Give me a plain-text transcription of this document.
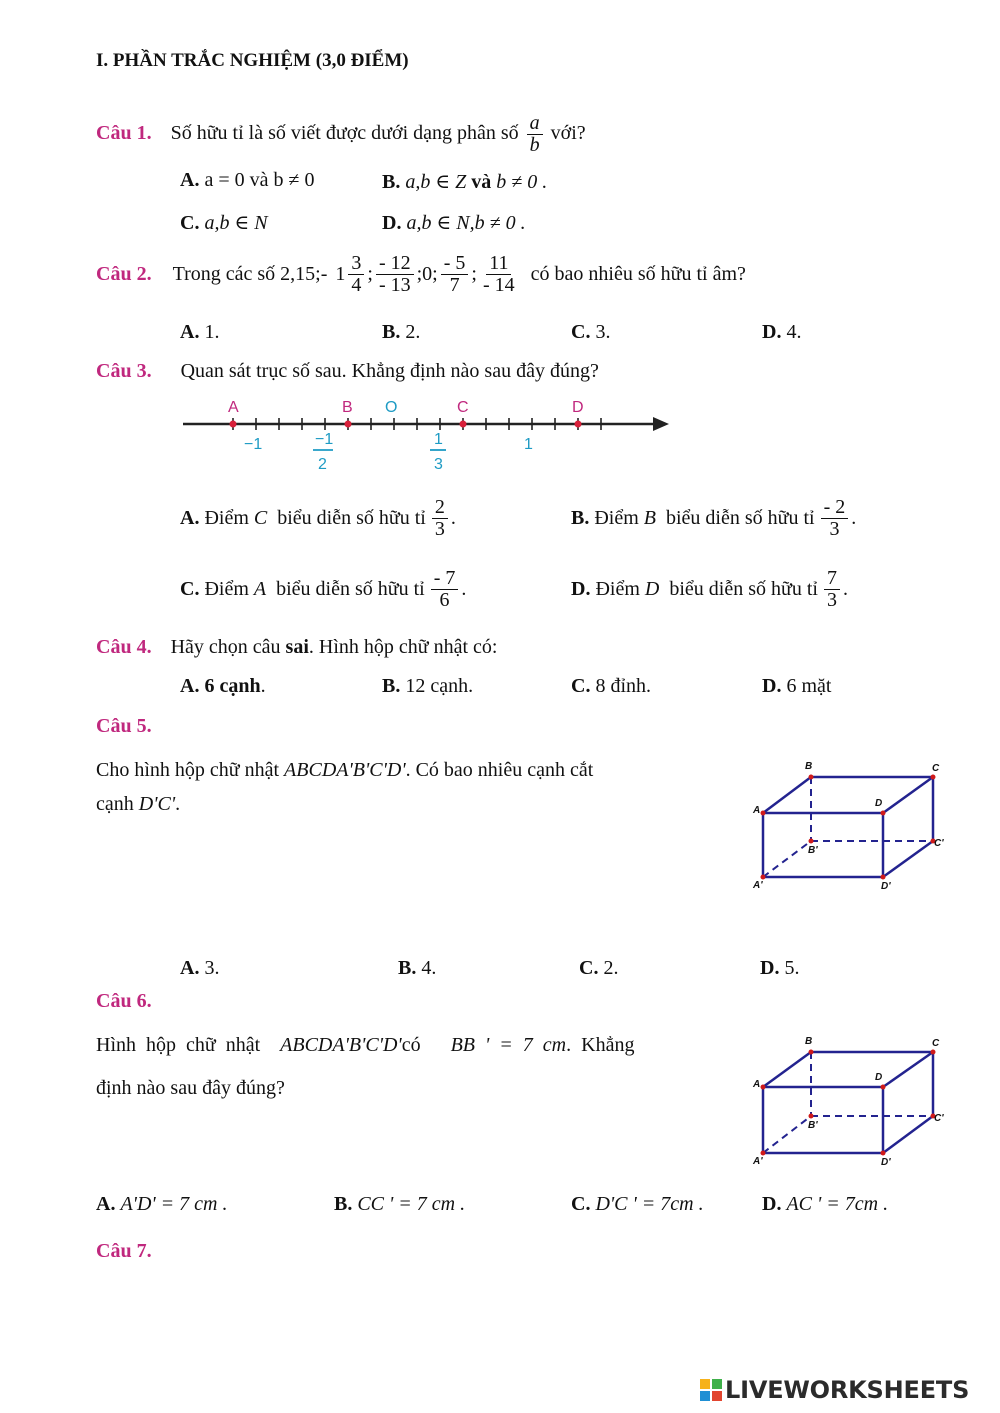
I. PHẦN TRẮC NGHIỆM (3,0 ĐIỂM)
Câu 1. Số hữu tỉ là số viết được dưới dạng phân số $\frac{a}{b}$ với?
A. a = 0 và b ≠ 0	B. a,b ∈ Z và b ≠ 0 .
C. a,b ∈ N	D. a,b ∈ N,b ≠ 0 .
Câu 2. Trong các số 2,15;- $1 \frac{3}{4}$ ; $\frac{- 12}{- 13}$ ;0; $\frac{- 5}{7}$ ; $\frac{11}{- 14}$ có bao nhiêu số hữu tỉ âm?
A. 1.	B. 2.	C. 3.	D. 4.
Câu 3. Quan sát trục số sau. Khẳng định nào sau đây đúng?
A	B	D
C
O
−1	−1
2
1
3
1
A.
Điểm
C
biểu diễn số hữu tỉ $\frac{2}{3}$ .	B.
Điểm
B
biểu diễn số hữu tỉ $\frac{- 2}{3}$ .
C.
Điểm
A
biểu diễn số hữu tỉ $\frac{- 7}{6}$ .	D.
Điểm
D
biểu diễn số hữu tỉ $\frac{7}{3}$ .
Câu 4. Hãy chọn câu sai. Hình hộp chữ nhật có:
A. 6 cạnh.	B. 12 cạnh.	C. 8 đỉnh.	D. 6 mặt
Câu 5.
Cho hình hộp chữ nhật ABCDA'B'C'D'. Có bao nhiêu cạnh cắt
cạnh D'C'.
B	C
A
D
B'
C'
A'	D'
A. 3.	B. 4.	C. 2.	D. 5.
Câu 6.
Hình hộp chữ nhật ABCDA'B'C'D'có BB ' = 7 cm. Khẳng
định nào sau đây đúng?
B	C
A
D
B'
C'
A'	D'
A. A'D' = 7 cm .	B. CC ' = 7 cm .	C. D'C ' = 7cm .	D. AC ' = 7cm .
Câu 7.
LIVEWORKSHEETS
